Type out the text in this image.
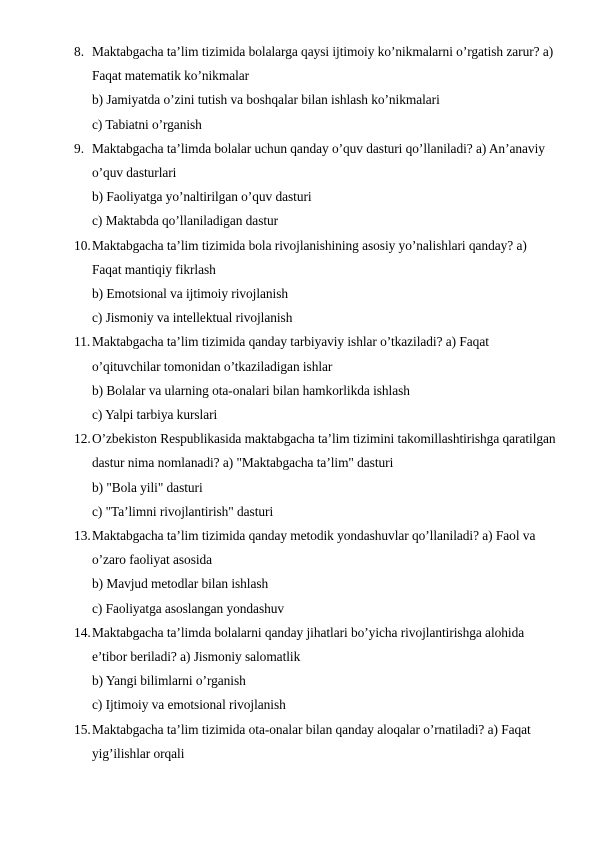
8. Maktabgacha ta’lim tizimida bolalarga qaysi ijtimoiy ko’nikmalarni o’rgatish zarur? a) Faqat matematik ko’nikmalar
b) Jamiyatda o’zini tutish va boshqalar bilan ishlash ko’nikmalari
c) Tabiatni o’rganish
9. Maktabgacha ta’limda bolalar uchun qanday o’quv dasturi qo’llaniladi? a) An’anaviy o’quv dasturlari
b) Faoliyatga yo’naltirilgan o’quv dasturi
c) Maktabda qo’llaniladigan dastur
10. Maktabgacha ta’lim tizimida bola rivojlanishining asosiy yo’nalishlari qanday? a) Faqat mantiqiy fikrlash
b) Emotsional va ijtimoiy rivojlanish
c) Jismoniy va intellektual rivojlanish
11. Maktabgacha ta’lim tizimida qanday tarbiyaviy ishlar o’tkaziladi? a) Faqat o’qituvchilar tomonidan o’tkaziladigan ishlar
b) Bolalar va ularning ota-onalari bilan hamkorlikda ishlash
c) Yalpi tarbiya kurslari
12. O’zbekiston Respublikasida maktabgacha ta’lim tizimini takomillashtirishga qaratilgan dastur nima nomlanadi? a) "Maktabgacha ta’lim" dasturi
b) "Bola yili" dasturi
c) "Ta’limni rivojlantirish" dasturi
13. Maktabgacha ta’lim tizimida qanday metodik yondashuvlar qo’llaniladi? a) Faol va o’zaro faoliyat asosida
b) Mavjud metodlar bilan ishlash
c) Faoliyatga asoslangan yondashuv
14. Maktabgacha ta’limda bolalarni qanday jihatlari bo’yicha rivojlantirishga alohida e’tibor beriladi? a) Jismoniy salomatlik
b) Yangi bilimlarni o’rganish
c) Ijtimoiy va emotsional rivojlanish
15. Maktabgacha ta’lim tizimida ota-onalar bilan qanday aloqalar o’rnatiladi? a) Faqat yig’ilishlar orqali
